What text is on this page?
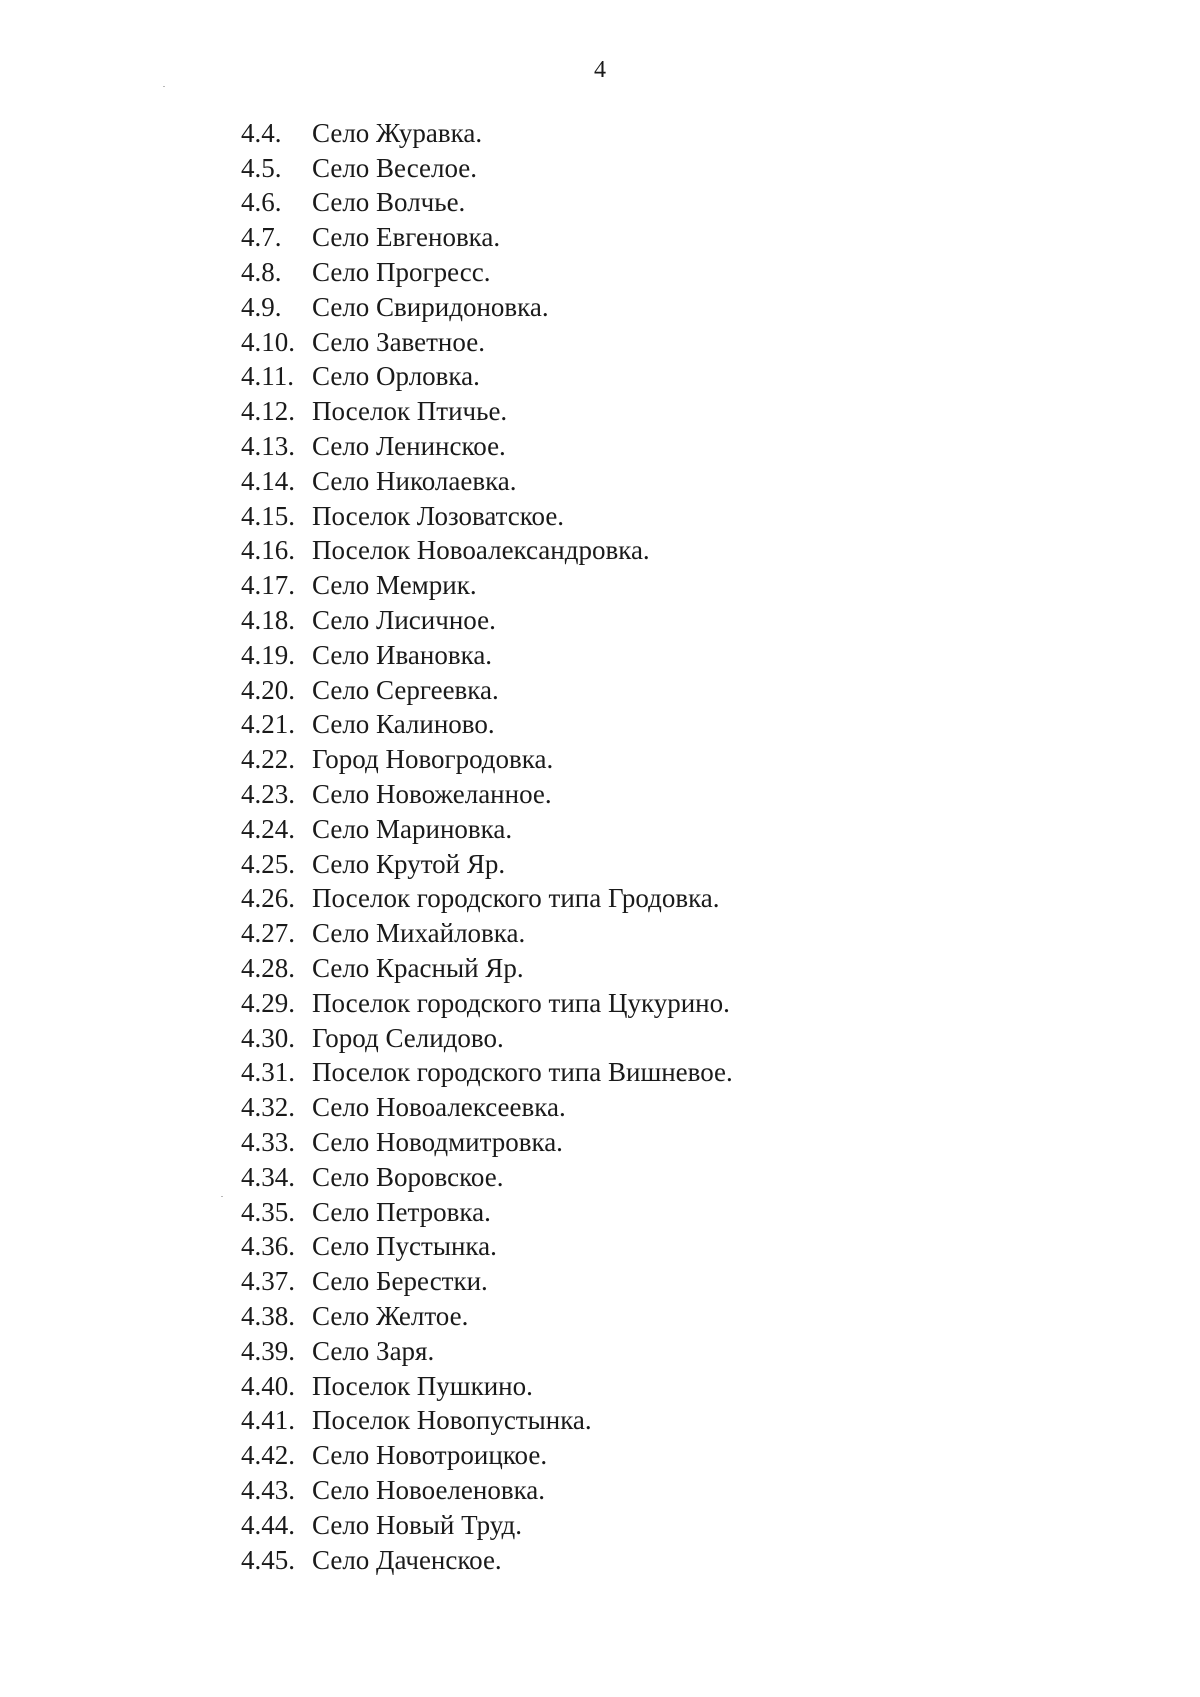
4
4.4.	Село Журавка.
4.5.	Село Веселое.
4.6.	Село Волчье.
4.7.	Село Евгеновка.
4.8.	Село Прогресс.
4.9.	Село Свиридоновка.
4.10. Село Заветное.
4.11. Село Орловка.
4.12. Поселок Птичье.
4.13. Село Ленинское.
4.14. Село Николаевка.
4.15. Поселок Лозоватское.
4.16. Поселок Новоалександровка.
4.17. Село Мемрик.
4.18. Село Лисичное.
4.19. Село Ивановка.
4.20. Село Сергеевка.
4.21. Село Калиново.
4.22. Город Новогродовка.
4.23. Село Новожеланное.
4.24. Село Мариновка.
4.25. Село Крутой Яр.
4.26. Поселок городского типа Гродовка.
4.27. Село Михайловка.
4.28. Село Красный Яр.
4.29. Поселок городского типа Цукурино.
4.30. Город Селидово.
4.31. Поселок городского типа Вишневое.
4.32. Село Новоалексеевка.
4.33. Село Новодмитровка.
4.34. Село Воровское.
4.35. Село Петровка.
4.36. Село Пустынка.
4.37. Село Берестки.
4.38. Село Желтое.
4.39. Село Заря.
4.40. Поселок Пушкино.
4.41. Поселок Новопустынка.
4.42. Село Новотроицкое.
4.43. Село Новоеленовка.
4.44. Село Новый Труд.
4.45. Село Даченское.
